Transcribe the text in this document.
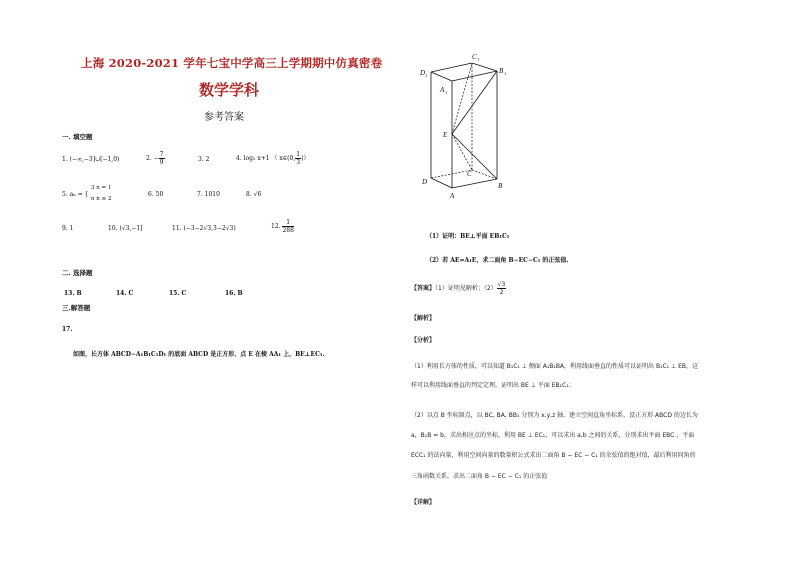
上海 2020-2021 学年七宝中学高三上学期期中仿真密卷
数学学科
参考答案
一. 填空题
1. (−∞,−3]∪[−1,0)	2. − $\frac{7}{9}$	3. 2	4. log₂ x+1 （ x∈(0, $\frac{1}{3}$ )）
5. aₙ = {
3 n = 1
n n ≥ 2
6. 50	7. 1010	8. √6
9. 1	10. (√3,−1]	11. (−3−2√3,3−2√3)	12. $\frac{1}{288}$
二. 选择题
13. B	14. C	15. C	16. B
三.解答题
17.
如图，长方体 ABCD−A₁B₁C₁D₁ 的底面 ABCD 是正方形，点 E 在棱 AA₁ 上，BE⊥EC₁.
D 1
C 1
B 1
A 1
E
D
C
A
B
（1）证明：BE⊥平面 EB₁C₁
（2）若 AE=A₁E，求二面角 B−EC−C₁ 的正弦值.
【答案】（1）证明见解析；$(2) \frac{√3}{2}$
【解析】
【分析】
（1）利用长方体的性质，可以知道 B₁C₁ ⊥ 侧面 A₁B₁BA，利用线面垂直的性质可以证明出 B₁C₁ ⊥ EB，这
样可以利用线面垂直的判定定理，证明出 BE ⊥ 平面 EB₁C₁；
（2）以点 B 坐标原点，以 BC, BA, BB₁ 分别为 x,y,z 轴，建立空间直角坐标系，设正方形 ABCD 的边长为
a，B₁B = b，求出相应点的坐标，利用 BE ⊥ EC₁，可以求出 a,b 之间的关系，分别求出平面 EBC 、平面
ECC₁ 的法向量，利用空间向量的数量积公式求出二面角 B − EC − C₁ 的余弦值的绝对值，最后利用同角的
三角函数关系，求出二面角 B − EC − C₁ 的正弦值
【详解】
